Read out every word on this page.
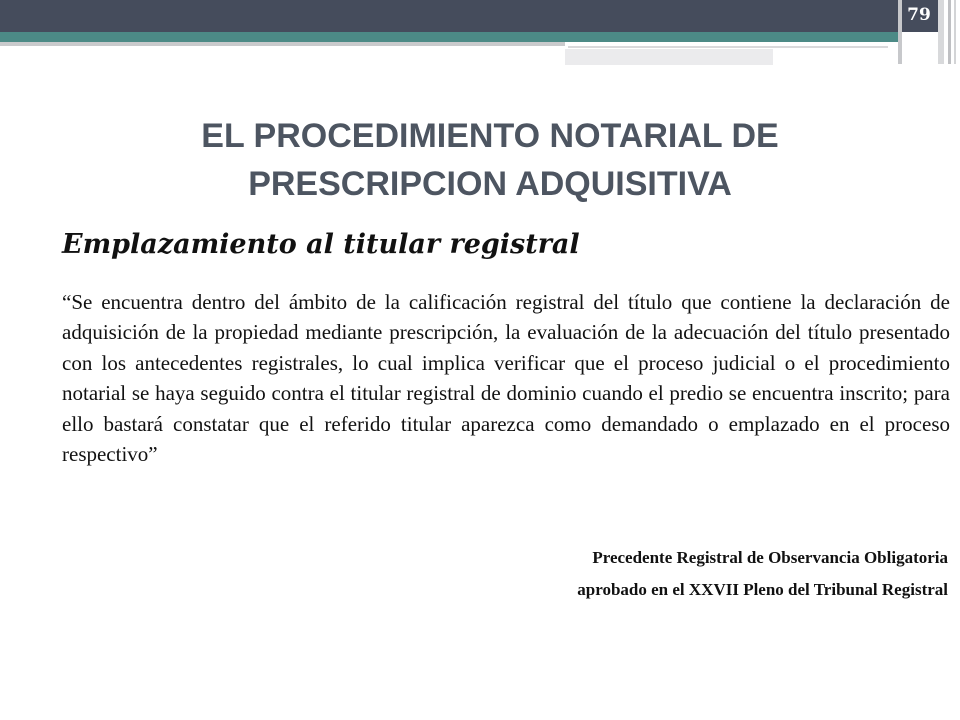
79
EL PROCEDIMIENTO NOTARIAL DE PRESCRIPCION ADQUISITIVA
Emplazamiento al titular registral

“Se encuentra dentro del ámbito de la calificación registral del título que contiene la declaración de adquisición de la propiedad mediante prescripción, la evaluación de la adecuación del título presentado con los antecedentes registrales, lo cual implica verificar que el proceso judicial o el procedimiento notarial se haya seguido contra el titular registral de dominio cuando el predio se encuentra inscrito; para ello bastará constatar que el referido titular aparezca como demandado o emplazado en el proceso respectivo”

Precedente Registral de Observancia Obligatoria

aprobado en el XXVII Pleno del Tribunal Registral
